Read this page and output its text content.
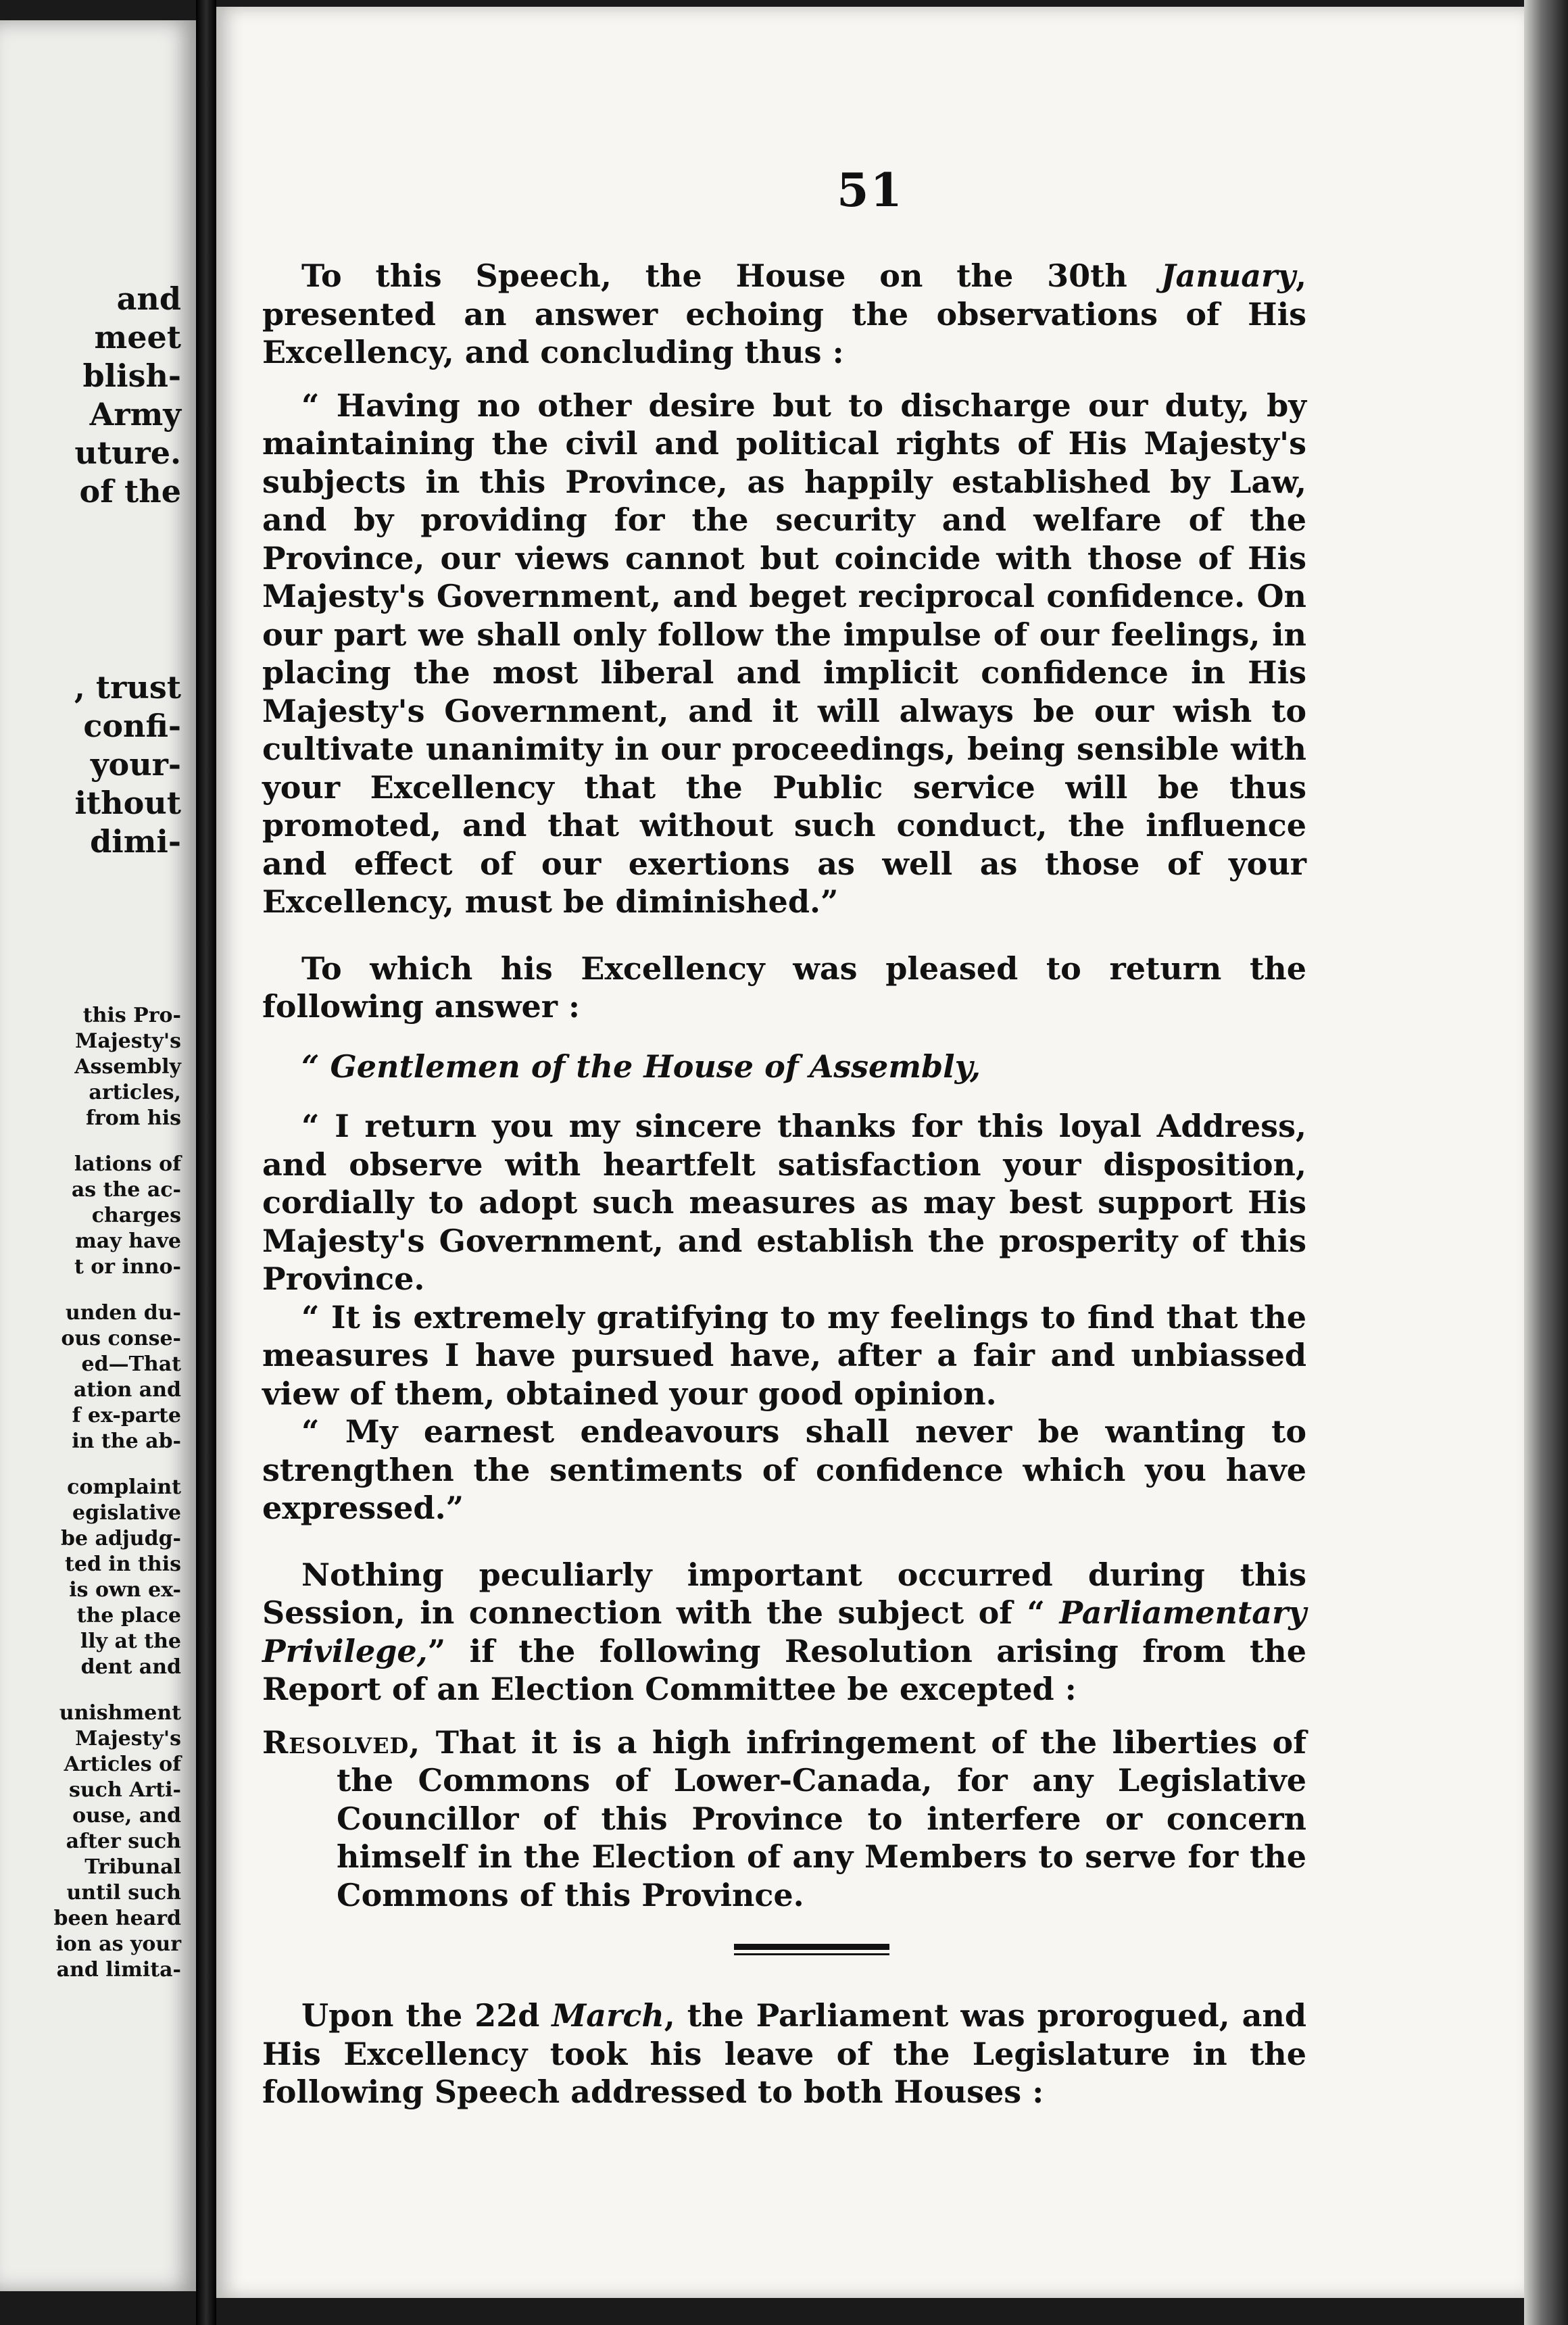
and
meet
blish-
Army
uture.
of the
, trust
confi-
your-
ithout
dimi-
this Pro-
Majesty's
Assembly
articles,
from his
lations of
as the ac-
charges
may have
t or inno-
unden du-
ous conse-
ed—That
ation and
f ex-parte
in the ab-
complaint
egislative
be adjudg-
ted in this
is own ex-
the place
lly at the
dent and
unishment
Majesty's
Articles of
such Arti-
ouse, and
after such
Tribunal
until such
been heard
ion as your
and limita-
51

To this Speech, the House on the 30th January, presented an answer echoing the observations of His Excellency, and concluding thus :

“ Having no other desire but to discharge our duty, by maintaining the civil and political rights of His Majesty's subjects in this Province, as happily established by Law, and by providing for the security and welfare of the Province, our views cannot but coincide with those of His Majesty's Government, and beget reciprocal confidence. On our part we shall only follow the impulse of our feelings, in placing the most liberal and implicit confidence in His Majesty's Government, and it will always be our wish to cultivate unanimity in our proceedings, being sensible with your Excellency that the Public service will be thus promoted, and that without such conduct, the influence and effect of our exertions as well as those of your Excellency, must be diminished.”

To which his Excellency was pleased to return the following answer :

“ Gentlemen of the House of Assembly,

“ I return you my sincere thanks for this loyal Address, and observe with heartfelt satisfaction your disposition, cordially to adopt such measures as may best support His Majesty's Government, and establish the prosperity of this Province.

“ It is extremely gratifying to my feelings to find that the measures I have pursued have, after a fair and unbiassed view of them, obtained your good opinion.

“ My earnest endeavours shall never be wanting to strengthen the sentiments of confidence which you have expressed.”

Nothing peculiarly important occurred during this Session, in connection with the subject of “ Parliamentary Privilege,” if the following Resolution arising from the Report of an Election Committee be excepted :

Resolved, That it is a high infringement of the liberties of the Commons of Lower-Canada, for any Legislative Councillor of this Province to interfere or concern himself in the Election of any Members to serve for the Commons of this Province.

Upon the 22d March, the Parliament was prorogued, and His Excellency took his leave of the Legislature in the following Speech addressed to both Houses :
